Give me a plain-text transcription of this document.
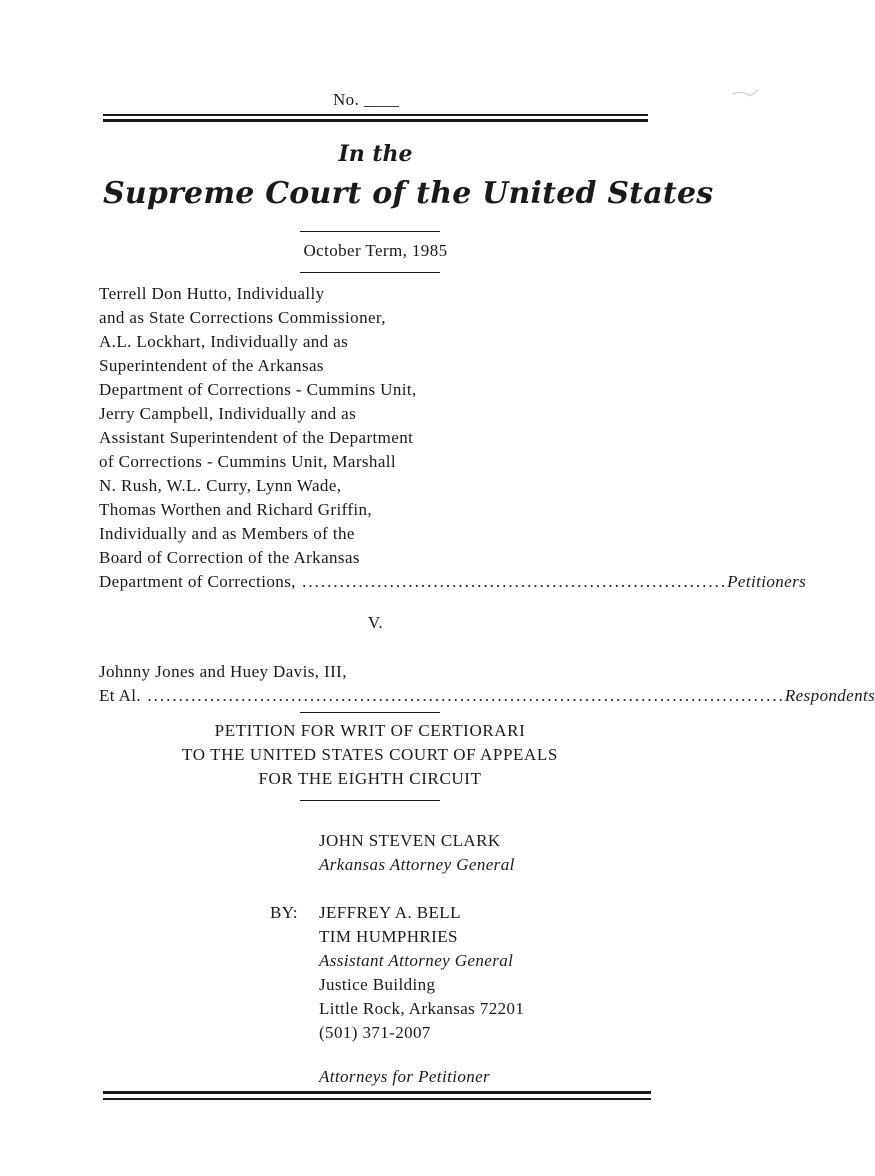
No. ____
In the
Supreme Court of the United States
October Term, 1985
Terrell Don Hutto, Individually
and as State Corrections Commissioner,
A.L. Lockhart, Individually and as
Superintendent of the Arkansas
Department of Corrections - Cummins Unit,
Jerry Campbell, Individually and as
Assistant Superintendent of the Department
of Corrections - Cummins Unit, Marshall
N. Rush, W.L. Curry, Lynn Wade,
Thomas Worthen and Richard Griffin,
Individually and as Members of the
Board of Correction of the Arkansas
Department of Corrections, .................................................................... Petitioners
V.
Johnny Jones and Huey Davis, III,
Et Al. ...................................................................................................... Respondents
PETITION FOR WRIT OF CERTIORARI
TO THE UNITED STATES COURT OF APPEALS
FOR THE EIGHTH CIRCUIT
JOHN STEVEN CLARK
Arkansas Attorney General
BY: JEFFREY A. BELL
TIM HUMPHRIES
Assistant Attorney General
Justice Building
Little Rock, Arkansas 72201
(501) 371-2007
Attorneys for Petitioner
